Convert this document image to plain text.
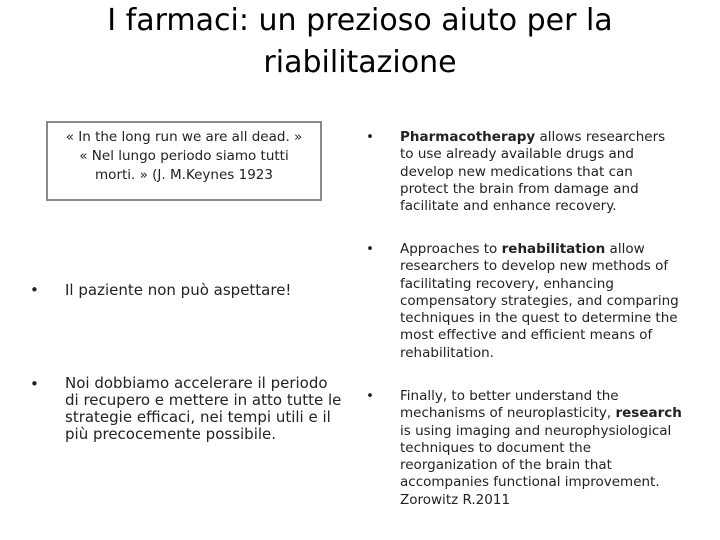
I farmaci: un prezioso aiuto per la
riabilitazione
« In the long run we are all dead. »
« Nel lungo periodo siamo tutti
morti. » (J. M.Keynes 1923
• Il paziente non può aspettare!
• Noi dobbiamo accelerare il periodo di recupero e mettere in atto tutte le strategie efficaci, nei tempi utili e il più precocemente possibile.
• Pharmacotherapy allows researchers to use already available drugs and develop new medications that can protect the brain from damage and facilitate and enhance recovery.
• Approaches to rehabilitation allow researchers to develop new methods of facilitating recovery, enhancing compensatory strategies, and comparing techniques in the quest to determine the most effective and efficient means of rehabilitation.
• Finally, to better understand the mechanisms of neuroplasticity, research is using imaging and neurophysiological techniques to document the reorganization of the brain that accompanies functional improvement. Zorowitz R.2011
